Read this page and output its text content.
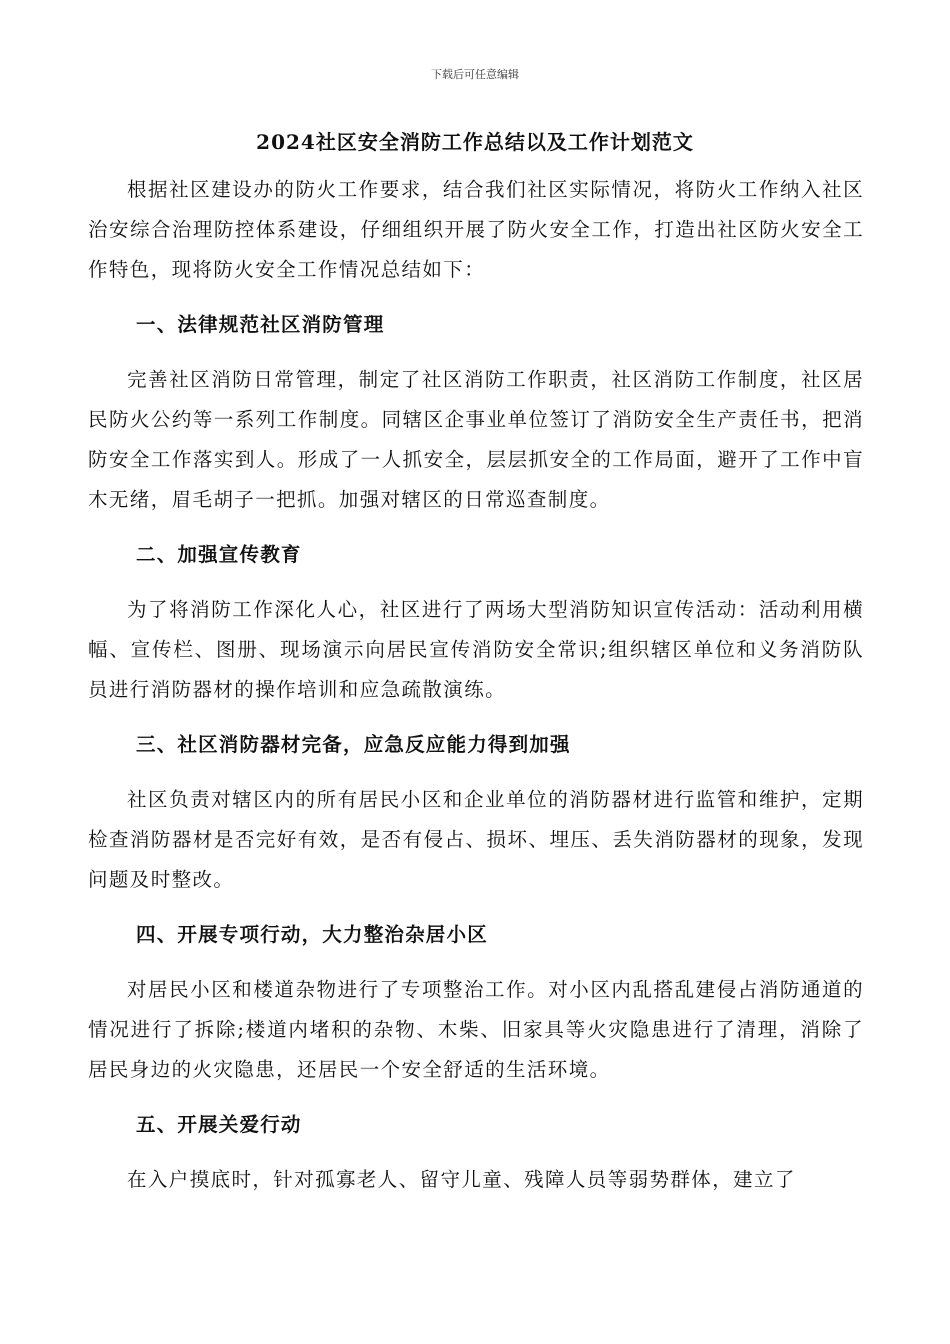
下载后可任意编辑
2024社区安全消防工作总结以及工作计划范文

根据社区建设办的防火工作要求，结合我们社区实际情况，将防火工作纳入社区治安综合治理防控体系建设，仔细组织开展了防火安全工作，打造出社区防火安全工作特色，现将防火安全工作情况总结如下：

一、法律规范社区消防管理

完善社区消防日常管理，制定了社区消防工作职责，社区消防工作制度，社区居民防火公约等一系列工作制度。同辖区企事业单位签订了消防安全生产责任书，把消防安全工作落实到人。形成了一人抓安全，层层抓安全的工作局面，避开了工作中盲木无绪，眉毛胡子一把抓。加强对辖区的日常巡查制度。

二、加强宣传教育

为了将消防工作深化人心，社区进行了两场大型消防知识宣传活动：活动利用横幅、宣传栏、图册、现场演示向居民宣传消防安全常识;组织辖区单位和义务消防队员进行消防器材的操作培训和应急疏散演练。

三、社区消防器材完备，应急反应能力得到加强

社区负责对辖区内的所有居民小区和企业单位的消防器材进行监管和维护，定期检查消防器材是否完好有效，是否有侵占、损坏、埋压、丢失消防器材的现象，发现问题及时整改。

四、开展专项行动，大力整治杂居小区

对居民小区和楼道杂物进行了专项整治工作。对小区内乱搭乱建侵占消防通道的情况进行了拆除;楼道内堵积的杂物、木柴、旧家具等火灾隐患进行了清理，消除了居民身边的火灾隐患，还居民一个安全舒适的生活环境。

五、开展关爱行动

在入户摸底时，针对孤寡老人、留守儿童、残障人员等弱势群体，建立了
